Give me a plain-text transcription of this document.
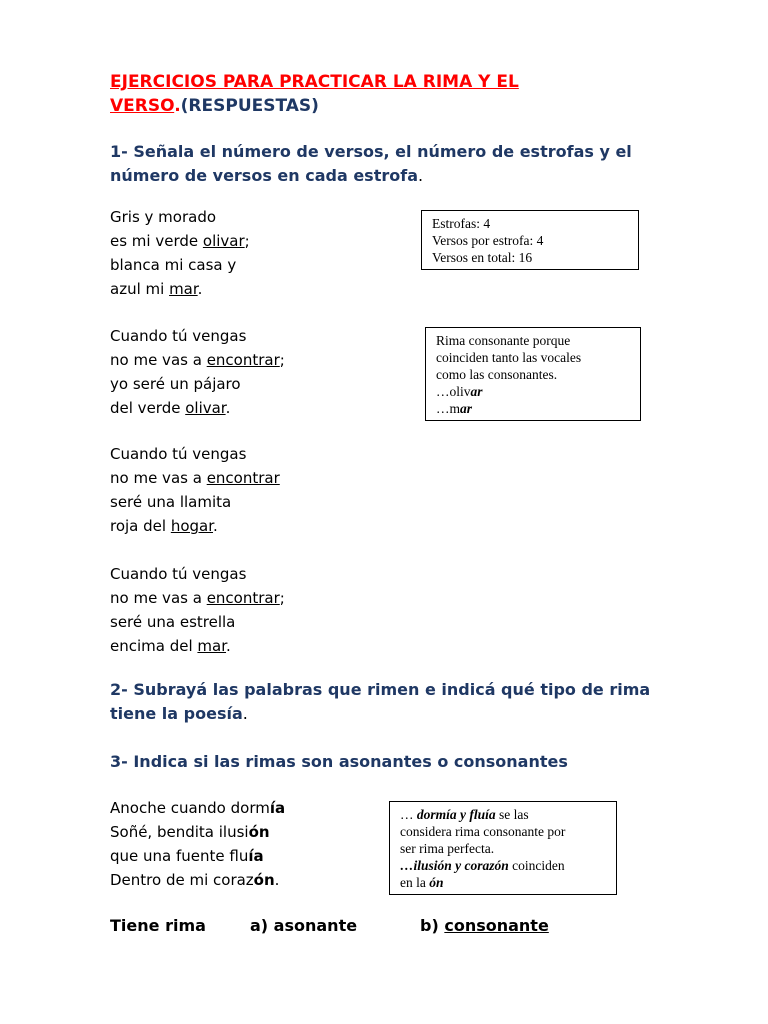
EJERCICIOS PARA PRACTICAR LA RIMA Y EL
VERSO.(RESPUESTAS)
1- Señala el número de versos, el número de estrofas y el
número de versos en cada estrofa.
Gris y morado
es mi verde olivar;
blanca mi casa y
azul mi mar.
Estrofas: 4
Versos por estrofa: 4
Versos en total: 16
Cuando tú vengas
no me vas a encontrar;
yo seré un pájaro
del verde olivar.
Rima consonante porque
coinciden tanto las vocales
como las consonantes.
…olivar
…mar
Cuando tú vengas
no me vas a encontrar
seré una llamita
roja del hogar.
Cuando tú vengas
no me vas a encontrar;
seré una estrella
encima del mar.
2- Subrayá las palabras que rimen e indicá qué tipo de rima
tiene la poesía.
3- Indica si las rimas son asonantes o consonantes
Anoche cuando dormía
Soñé, bendita ilusión
que una fuente fluía
Dentro de mi corazón.
… dormía y fluía se las
considera rima consonante por
ser rima perfecta.
…ilusión y corazón coinciden
en la ón
Tiene rima	a) asonante	b) consonante
